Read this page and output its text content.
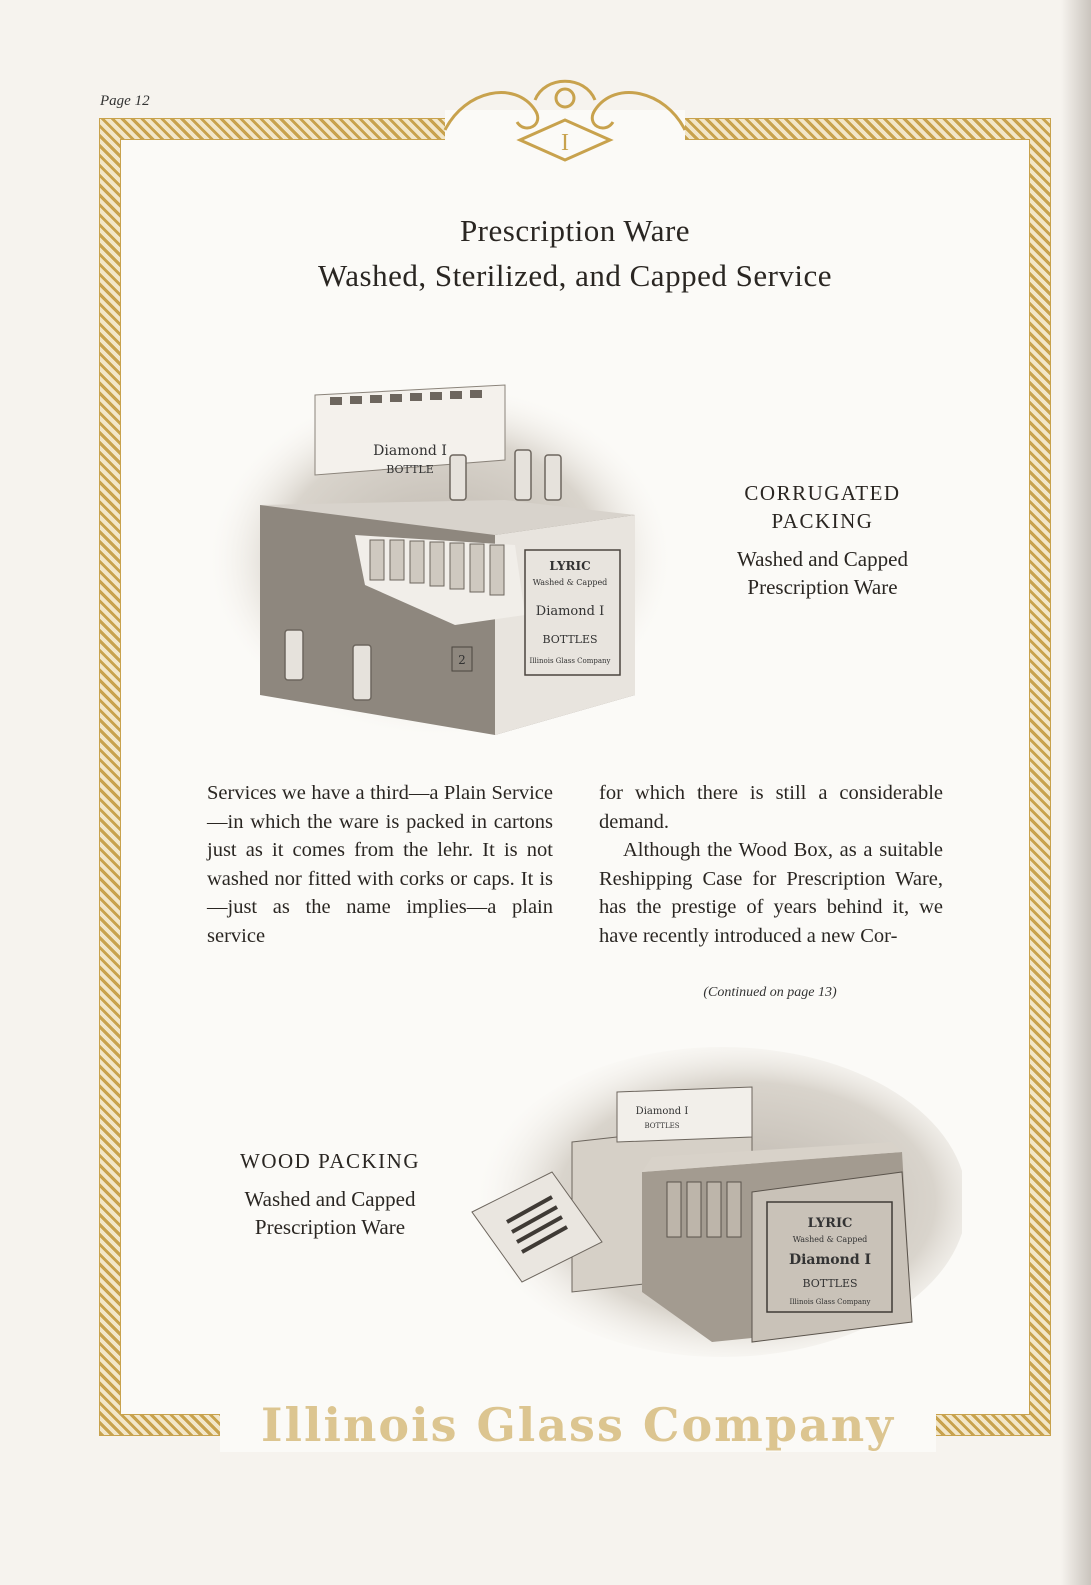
Page 12
I
Prescription Ware
Washed, Sterilized, and Capped Service
Diamond I
BOTTLE
LYRIC
Washed & Capped
Diamond I
BOTTLES
Illinois Glass Company
2
CORRUGATED
PACKING
Washed and Capped
Prescription Ware

Services we have a third—a Plain Service—in which the ware is packed in cartons just as it comes from the lehr. It is not washed nor fitted with corks or caps. It is—just as the name implies—a plain service

for which there is still a considerable demand.

Although the Wood Box, as a suitable Reshipping Case for Prescription Ware, has the prestige of years behind it, we have recently introduced a new Cor-

(Continued on page 13)
WOOD PACKING
Washed and Capped
Prescription Ware
Diamond I
BOTTLES
LYRIC
Washed & Capped
Diamond I
BOTTLES
Illinois Glass Company
Illinois Glass Company
